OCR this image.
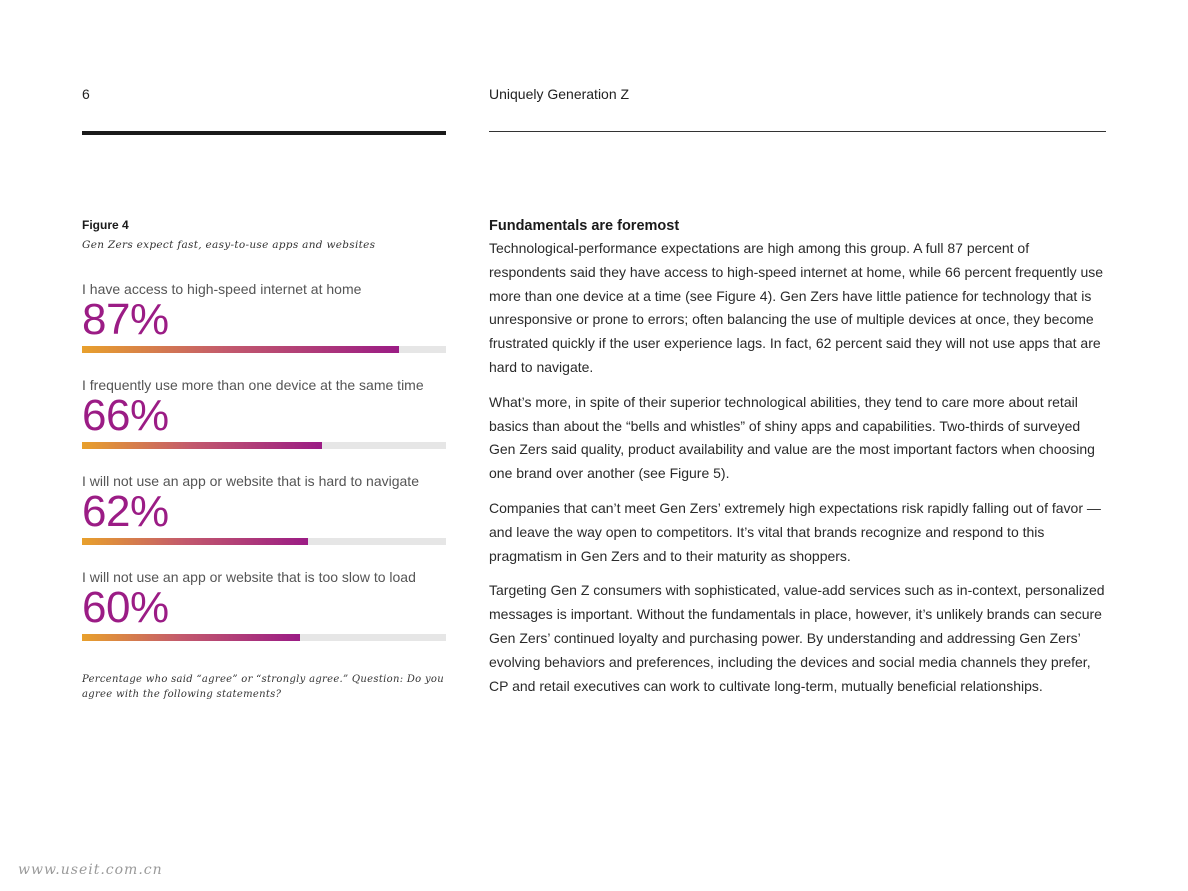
6	Uniquely Generation Z

Figure 4

Gen Zers expect fast, easy-to-use apps and websites

I have access to high-speed internet at home
87%
I frequently use more than one device at the same time
66%
I will not use an app or website that is hard to navigate
62%
I will not use an app or website that is too slow to load
60%

Percentage who said “agree” or “strongly agree.” Question: Do you agree with the following statements?

Fundamentals are foremost

Technological-performance expectations are high among this group. A full 87 percent of respondents said they have access to high-speed internet at home, while 66 percent frequently use more than one device at a time (see Figure 4). Gen Zers have little patience for technology that is unresponsive or prone to errors; often balancing the use of multiple devices at once, they become frustrated quickly if the user experience lags. In fact, 62 percent said they will not use apps that are hard to navigate.

What’s more, in spite of their superior technological abilities, they tend to care more about retail basics than about the “bells and whistles” of shiny apps and capabilities. Two-thirds of surveyed Gen Zers said quality, product availability and value are the most important factors when choosing one brand over another (see Figure 5).

Companies that can’t meet Gen Zers’ extremely high expectations risk rapidly falling out of favor — and leave the way open to competitors. It’s vital that brands recognize and respond to this pragmatism in Gen Zers and to their maturity as shoppers.

Targeting Gen Z consumers with sophisticated, value-add services such as in-context, personalized messages is important. Without the fundamentals in place, however, it’s unlikely brands can secure Gen Zers’ continued loyalty and purchasing power. By understanding and addressing Gen Zers’ evolving behaviors and preferences, including the devices and social media channels they prefer, CP and retail executives can work to cultivate long-term, mutually beneficial relationships.

www.useit.com.cn
